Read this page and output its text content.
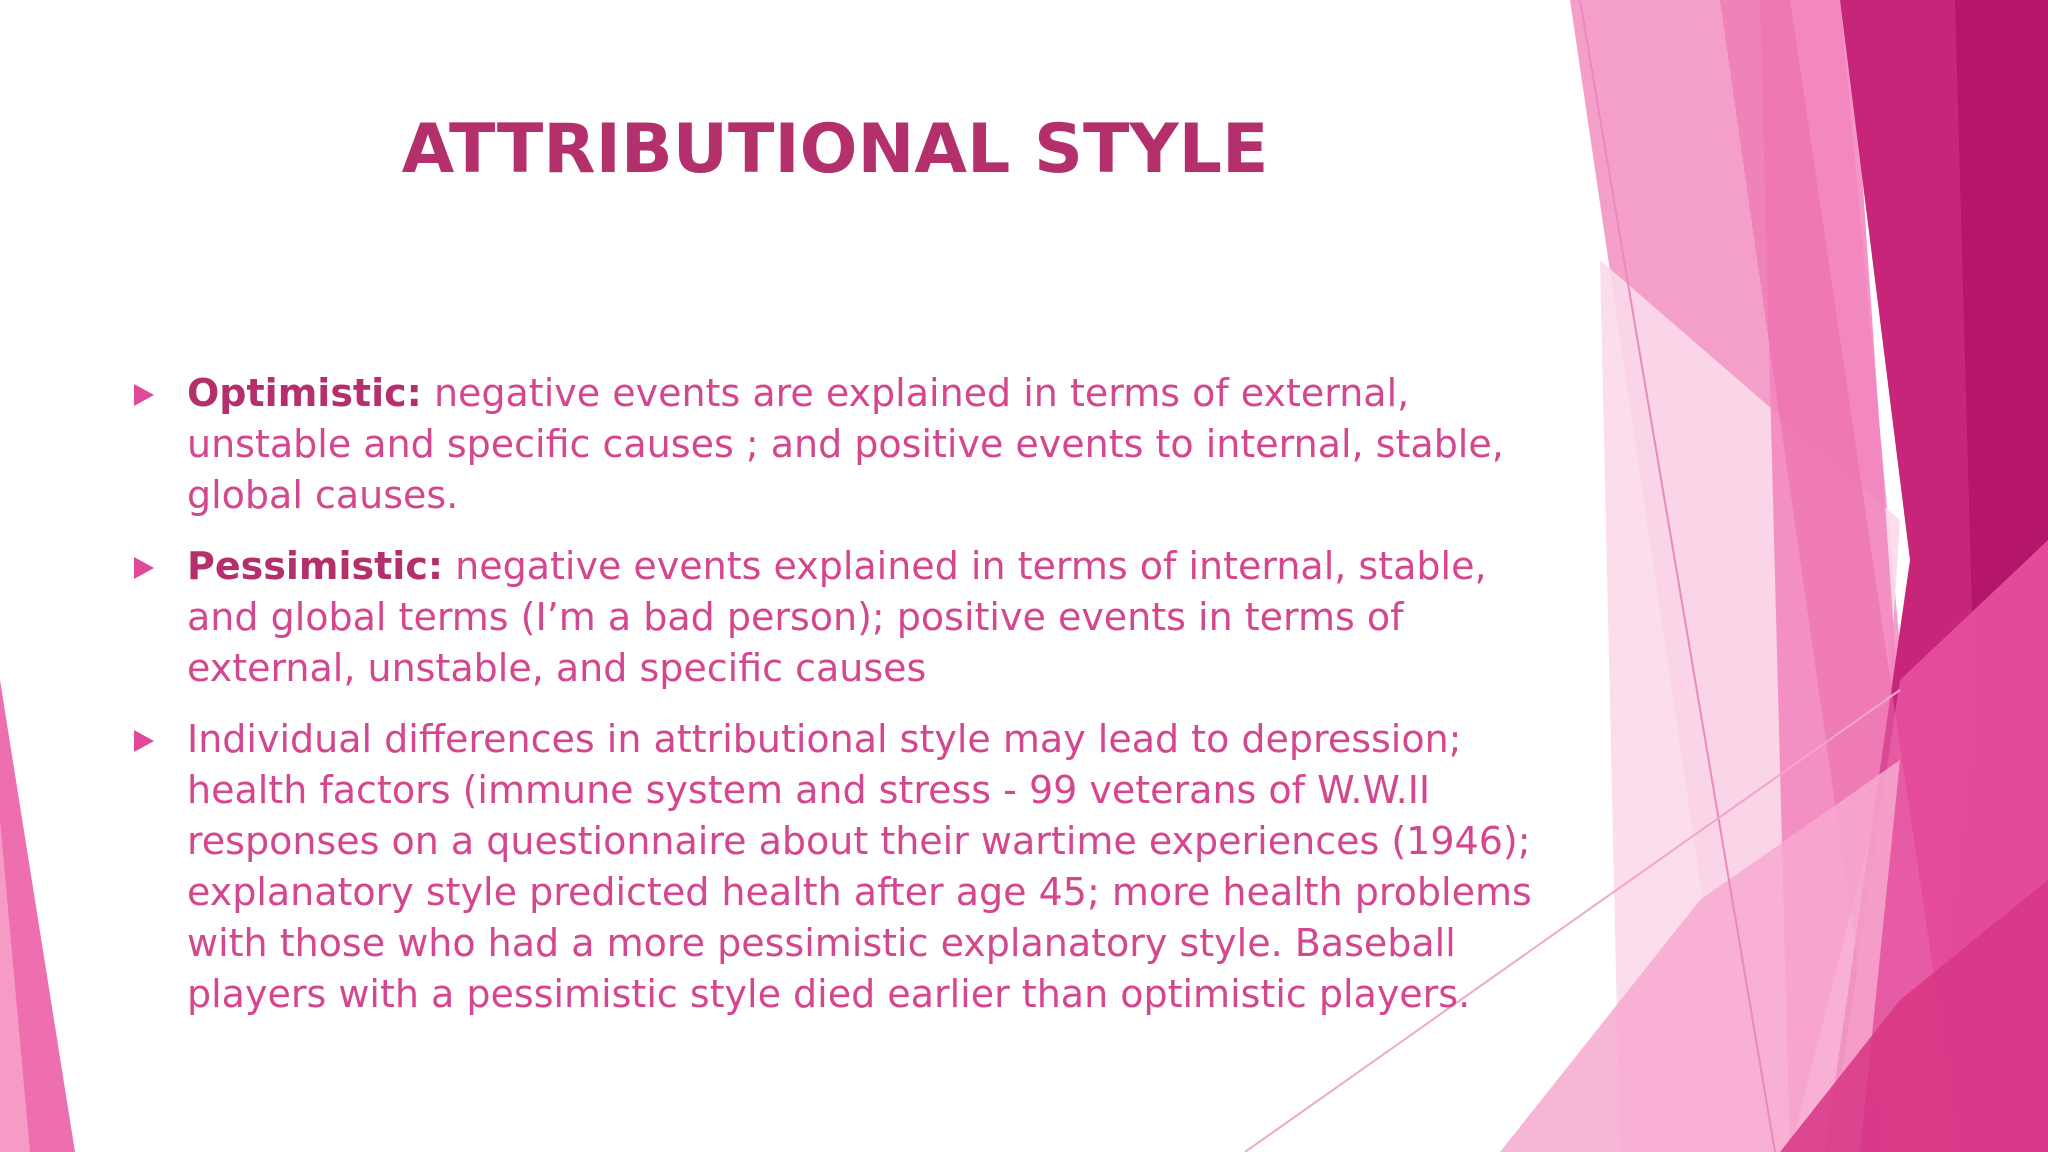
ATTRIBUTIONAL STYLE
Optimistic: negative events are explained in terms of external, unstable and specific causes ; and positive events to internal, stable, global causes.
Pessimistic: negative events explained in terms of internal, stable, and global terms (I’m a bad person); positive events in terms of external, unstable, and specific causes
Individual differences in attributional style may lead to depression; health factors (immune system and stress - 99 veterans of W.W.II responses on a questionnaire about their wartime experiences (1946); explanatory style predicted health after age 45; more health problems with those who had a more pessimistic explanatory style. Baseball players with a pessimistic style died earlier than optimistic players.
